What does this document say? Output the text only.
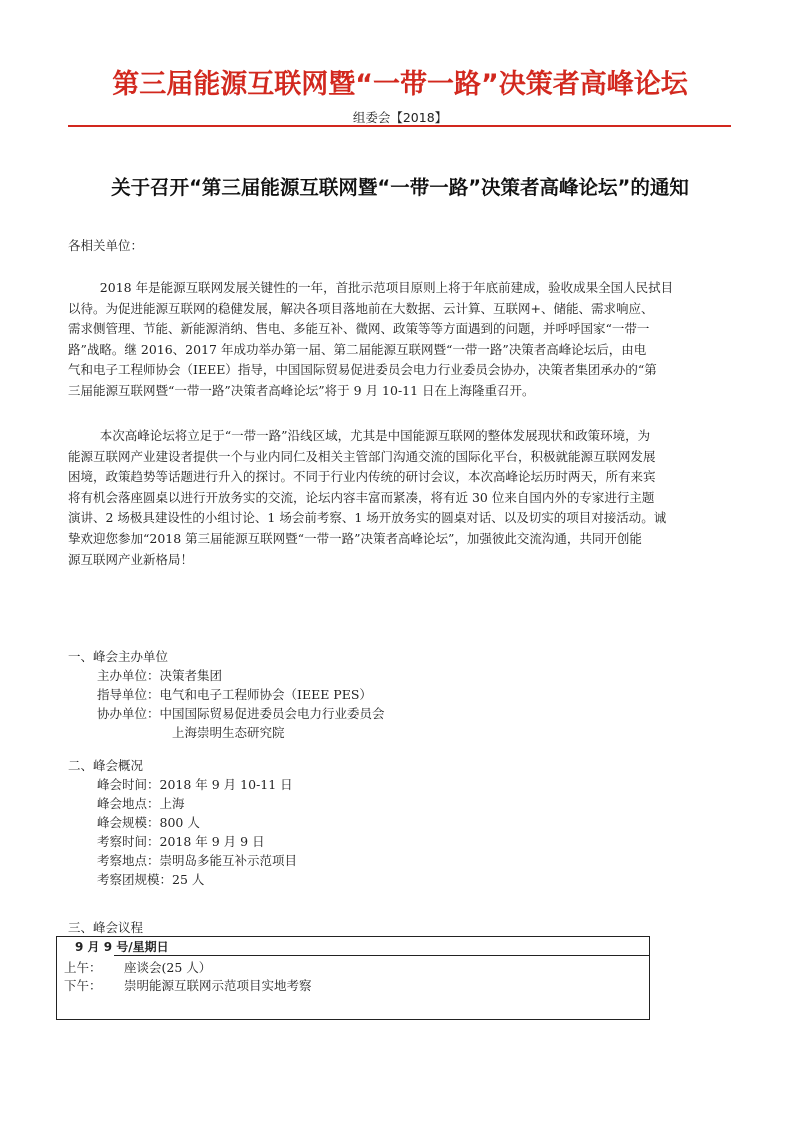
第三届能源互联网暨“一带一路”决策者高峰论坛
组委会【2018】
关于召开“第三届能源互联网暨“一带一路”决策者高峰论坛”的通知
各相关单位：
2018 年是能源互联网发展关键性的一年，首批示范项目原则上将于年底前建成，验收成果全国人民拭目
以待。为促进能源互联网的稳健发展，解决各项目落地前在大数据、云计算、互联网+、储能、需求响应、
需求侧管理、节能、新能源消纳、售电、多能互补、微网、政策等等方面遇到的问题，并呼呼国家“一带一
路”战略。继 2016、2017 年成功举办第一届、第二届能源互联网暨“一带一路”决策者高峰论坛后，由电
气和电子工程师协会（IEEE）指导，中国国际贸易促进委员会电力行业委员会协办，决策者集团承办的“第
三届能源互联网暨“一带一路”决策者高峰论坛”将于 9 月 10-11 日在上海隆重召开。
本次高峰论坛将立足于“一带一路”沿线区域，尤其是中国能源互联网的整体发展现状和政策环境，为
能源互联网产业建设者提供一个与业内同仁及相关主管部门沟通交流的国际化平台，积极就能源互联网发展
困境，政策趋势等话题进行升入的探讨。不同于行业内传统的研讨会议，本次高峰论坛历时两天，所有来宾
将有机会落座圆桌以进行开放务实的交流，论坛内容丰富而紧凑，将有近 30 位来自国内外的专家进行主题
演讲、2 场极具建设性的小组讨论、1 场会前考察、1 场开放务实的圆桌对话、以及切实的项目对接活动。诚
挚欢迎您参加“2018 第三届能源互联网暨“一带一路”决策者高峰论坛”，加强彼此交流沟通，共同开创能
源互联网产业新格局！
一、峰会主办单位
主办单位：决策者集团
指导单位：电气和电子工程师协会（IEEE PES）
协办单位：中国国际贸易促进委员会电力行业委员会
上海崇明生态研究院
二、峰会概况
峰会时间：2018 年 9 月 10-11 日
峰会地点：上海
峰会规模：800 人
考察时间：2018 年 9 月 9 日
考察地点：崇明岛多能互补示范项目
考察团规模：25 人
三、峰会议程
9 月 9 号/星期日
上午： 座谈会(25 人）
下午： 崇明能源互联网示范项目实地考察
